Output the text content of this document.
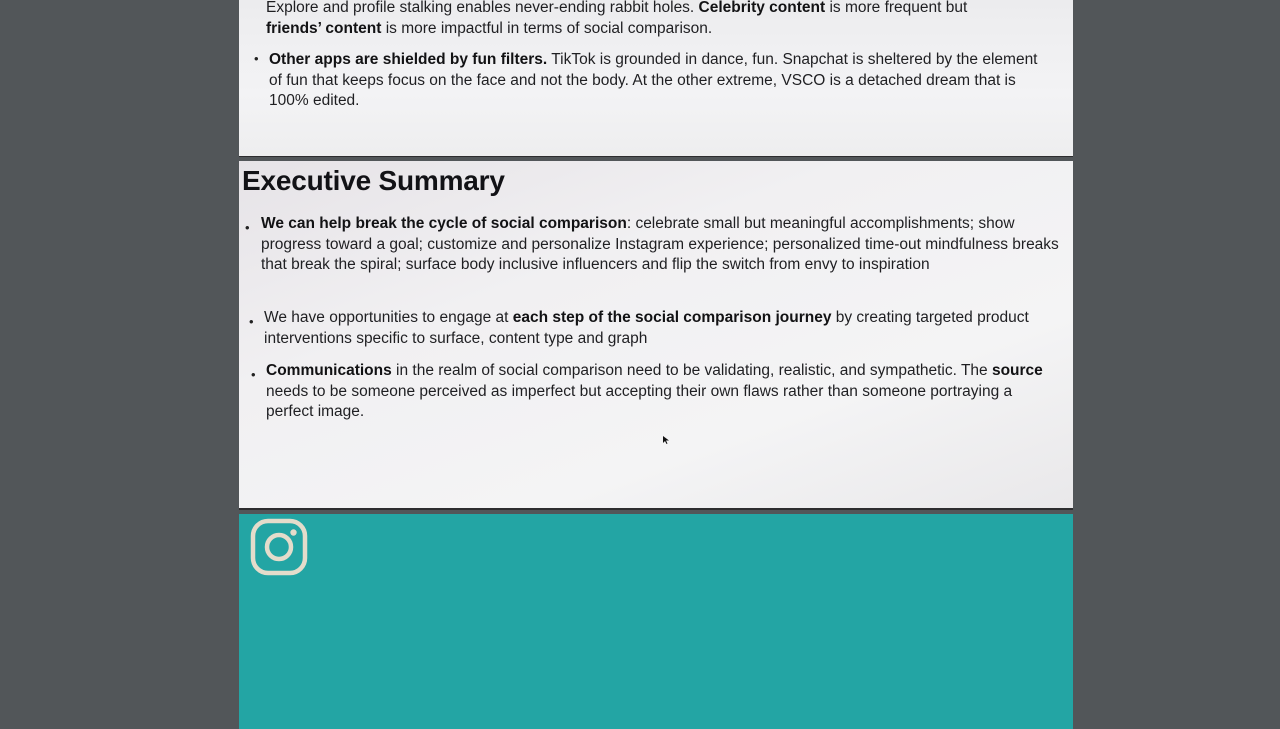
Explore and profile stalking enables never-ending rabbit holes. Celebrity content is more frequent but
friends’ content is more impactful in terms of social comparison.
• Other apps are shielded by fun filters. TikTok is grounded in dance, fun. Snapchat is sheltered by the element of fun that keeps focus on the face and not the body. At the other extreme, VSCO is a detached dream that is 100% edited.
Executive Summary
• We can help break the cycle of social comparison: celebrate small but meaningful accomplishments; show progress toward a goal; customize and personalize Instagram experience; personalized time-out mindfulness breaks that break the spiral; surface body inclusive influencers and flip the switch from envy to inspiration
• We have opportunities to engage at each step of the social comparison journey by creating targeted product interventions specific to surface, content type and graph
• Communications in the realm of social comparison need to be validating, realistic, and sympathetic. The source needs to be someone perceived as imperfect but accepting their own flaws rather than someone portraying a perfect image.
